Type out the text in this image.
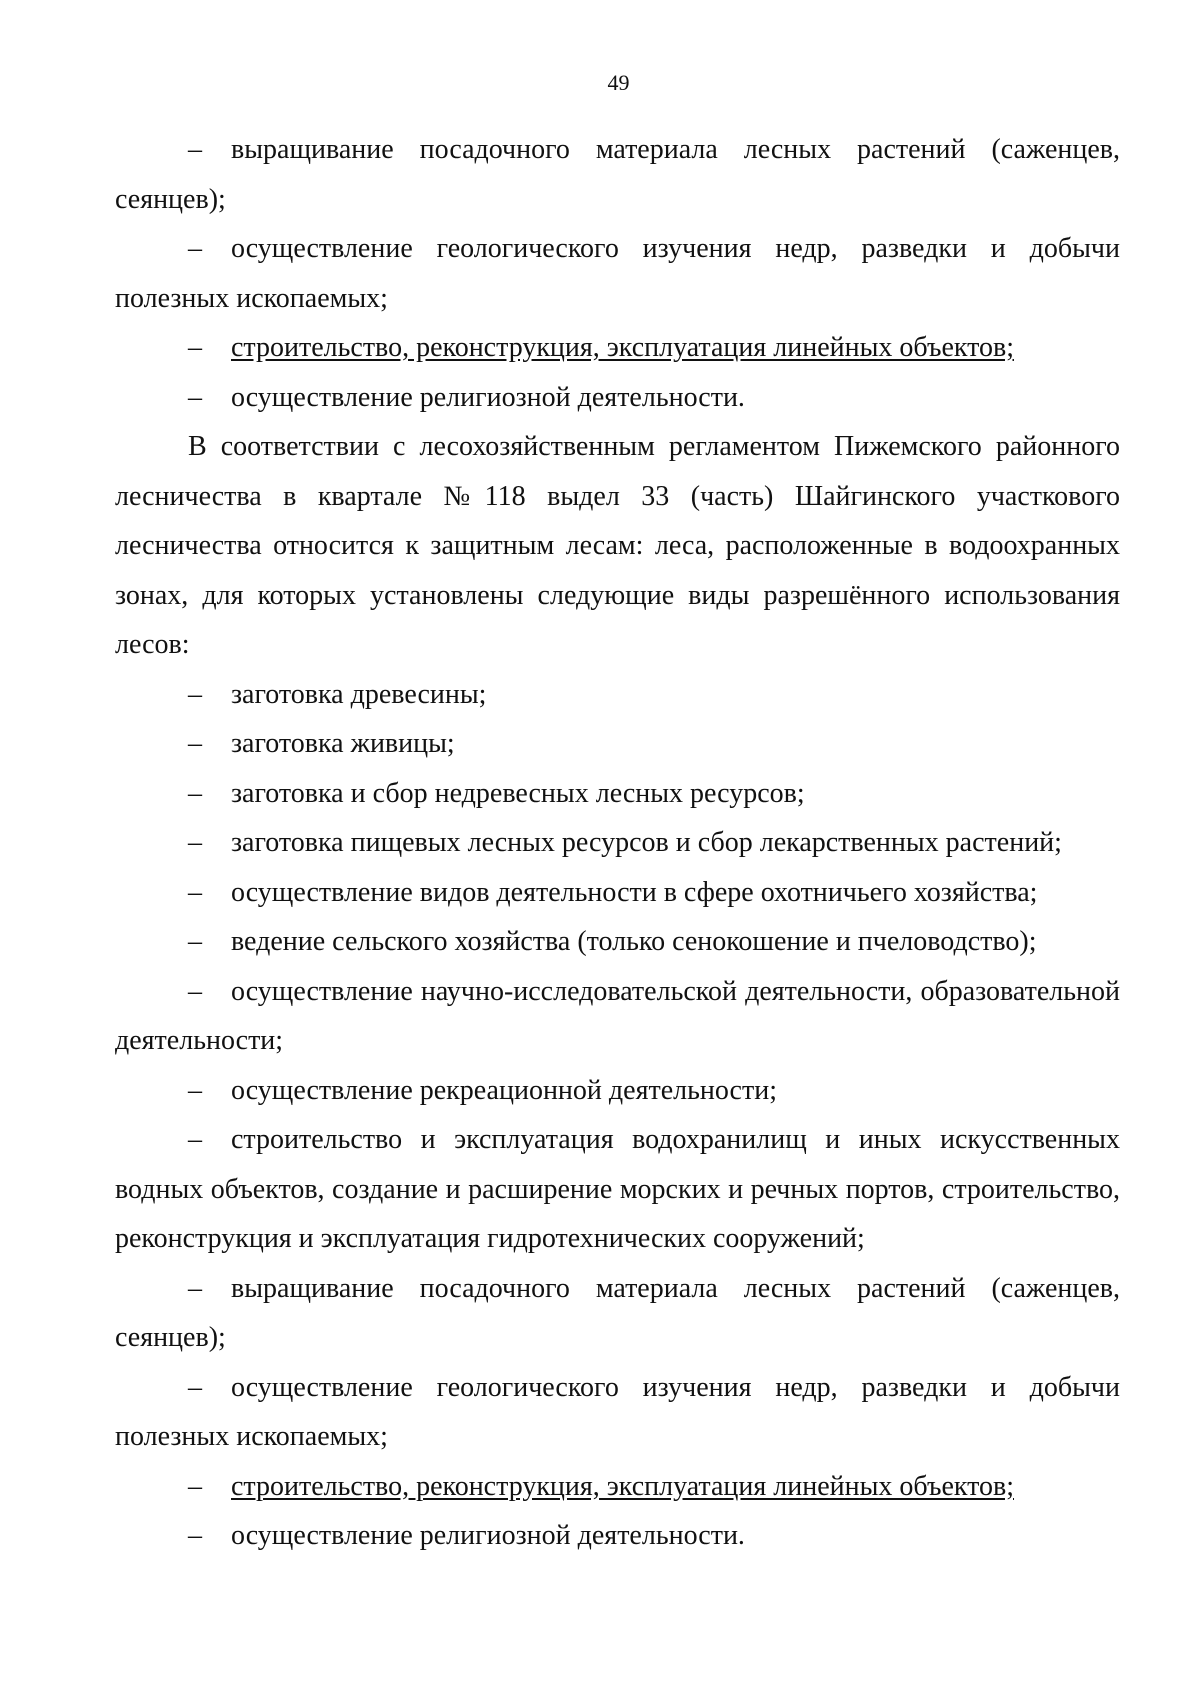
49

– выращивание посадочного материала лесных растений (саженцев, сеянцев);

– осуществление геологического изучения недр, разведки и добычи полезных ископаемых;

– строительство, реконструкция, эксплуатация линейных объектов;

– осуществление религиозной деятельности.

В соответствии с лесохозяйственным регламентом Пижемского районного лесничества в квартале №118 выдел 33 (часть) Шайгинского участкового лесничества относится к защитным лесам: леса, расположенные в водоохранных зонах, для которых установлены следующие виды разрешённого использования лесов:

– заготовка древесины;

– заготовка живицы;

– заготовка и сбор недревесных лесных ресурсов;

– заготовка пищевых лесных ресурсов и сбор лекарственных растений;

– осуществление видов деятельности в сфере охотничьего хозяйства;

– ведение сельского хозяйства (только сенокошение и пчеловодство);

– осуществление научно-исследовательской деятельности, образовательной деятельности;

– осуществление рекреационной деятельности;

– строительство и эксплуатация водохранилищ и иных искусственных водных объектов, создание и расширение морских и речных портов, строительство, реконструкция и эксплуатация гидротехнических сооружений;

– выращивание посадочного материала лесных растений (саженцев, сеянцев);

– осуществление геологического изучения недр, разведки и добычи полезных ископаемых;

– строительство, реконструкция, эксплуатация линейных объектов;

– осуществление религиозной деятельности.
